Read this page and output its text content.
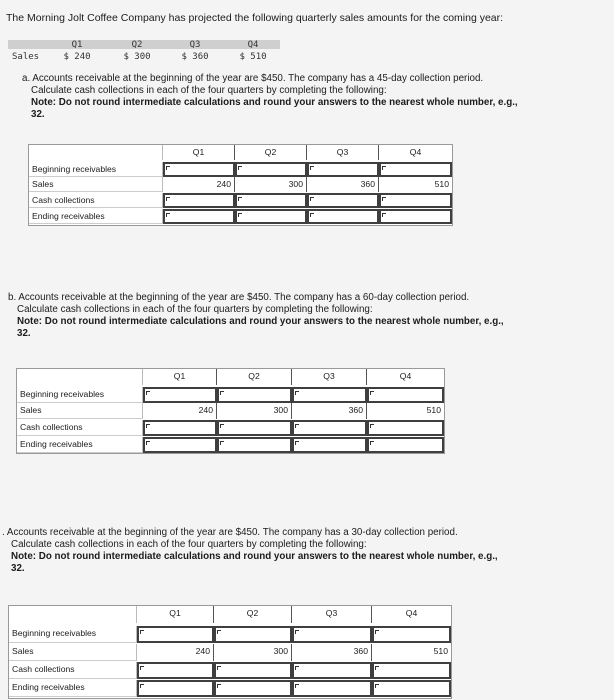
The Morning Jolt Coffee Company has projected the following quarterly sales amounts for the coming year:
Q1	Q2	Q3	Q4
Sales	$ 240	$ 300	$ 360	$ 510
a. Accounts receivable at the beginning of the year are $450. The company has a 45-day collection period.
Calculate cash collections in each of the four quarters by completing the following:
Note: Do not round intermediate calculations and round your answers to the nearest whole number, e.g.,
32.
b. Accounts receivable at the beginning of the year are $450. The company has a 60-day collection period.
Calculate cash collections in each of the four quarters by completing the following:
Note: Do not round intermediate calculations and round your answers to the nearest whole number, e.g.,
32.
. Accounts receivable at the beginning of the year are $450. The company has a 30-day collection period.
Calculate cash collections in each of the four quarters by completing the following:
Note: Do not round intermediate calculations and round your answers to the nearest whole number, e.g.,
32.
Q1	Q2	Q3	Q4
Beginning receivables
Sales	240	300	360	510
Cash collections
Ending receivables
Q1	Q2	Q3	Q4
Beginning receivables
Sales	240	300	360	510
Cash collections
Ending receivables
Q1	Q2	Q3	Q4
Beginning receivables
Sales	240	300	360	510
Cash collections
Ending receivables
